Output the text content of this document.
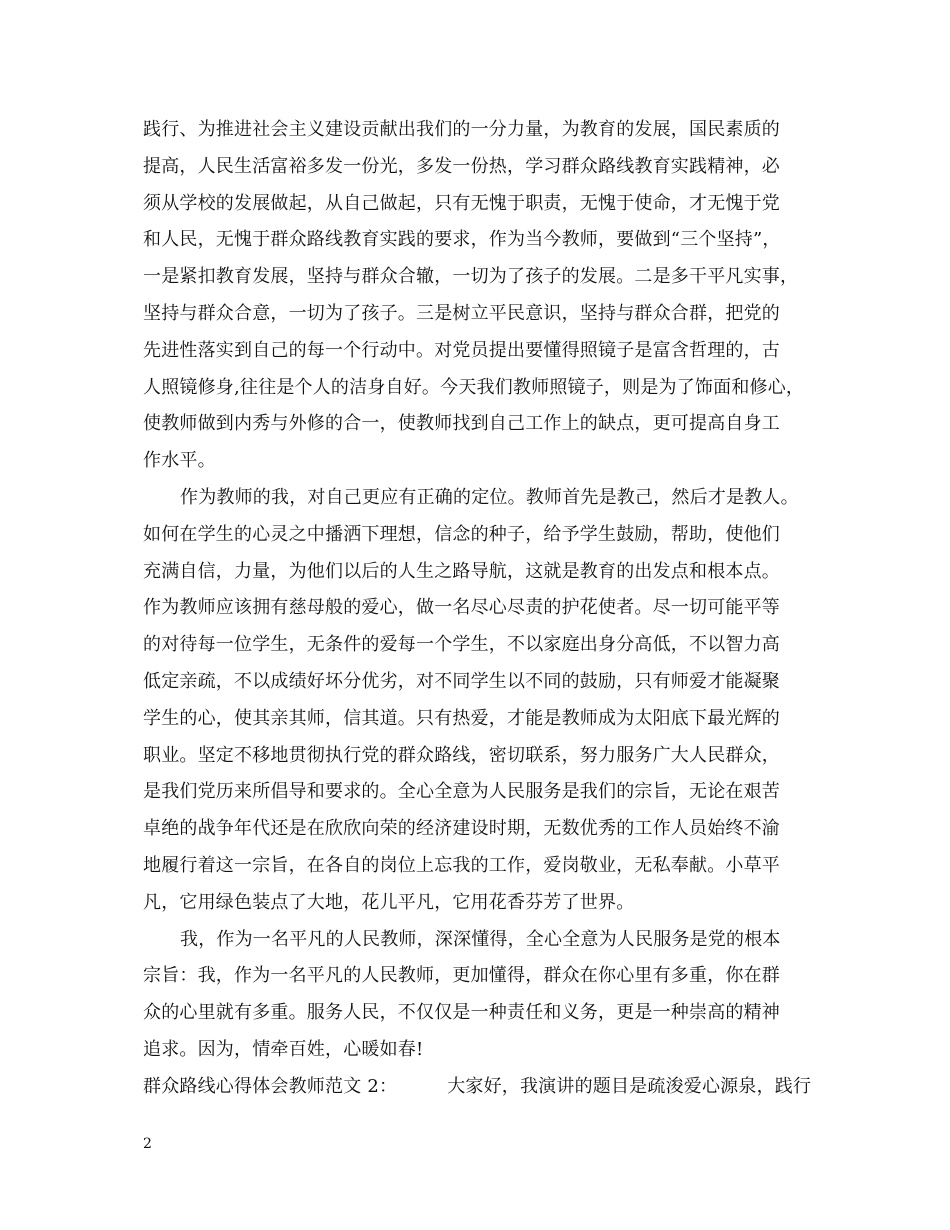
践行、为推进社会主义建设贡献出我们的一分力量，为教育的发展，国民素质的
提高，人民生活富裕多发一份光，多发一份热，学习群众路线教育实践精神，必
须从学校的发展做起，从自己做起，只有无愧于职责，无愧于使命，才无愧于党
和人民，无愧于群众路线教育实践的要求，作为当今教师，要做到“三个坚持”，
一是紧扣教育发展，坚持与群众合辙，一切为了孩子的发展。二是多干平凡实事，
坚持与群众合意，一切为了孩子。三是树立平民意识，坚持与群众合群，把党的
先进性落实到自己的每一个行动中。对党员提出要懂得照镜子是富含哲理的，古
人照镜修身,往往是个人的洁身自好。今天我们教师照镜子，则是为了饰面和修心，
使教师做到内秀与外修的合一，使教师找到自己工作上的缺点，更可提高自身工
作水平。
作为教师的我，对自己更应有正确的定位。教师首先是教己，然后才是教人。
如何在学生的心灵之中播洒下理想，信念的种子，给予学生鼓励，帮助，使他们
充满自信，力量，为他们以后的人生之路导航，这就是教育的出发点和根本点。
作为教师应该拥有慈母般的爱心，做一名尽心尽责的护花使者。尽一切可能平等
的对待每一位学生，无条件的爱每一个学生，不以家庭出身分高低，不以智力高
低定亲疏，不以成绩好坏分优劣，对不同学生以不同的鼓励，只有师爱才能凝聚
学生的心，使其亲其师，信其道。只有热爱，才能是教师成为太阳底下最光辉的
职业。坚定不移地贯彻执行党的群众路线，密切联系，努力服务广大人民群众，
是我们党历来所倡导和要求的。全心全意为人民服务是我们的宗旨，无论在艰苦
卓绝的战争年代还是在欣欣向荣的经济建设时期，无数优秀的工作人员始终不渝
地履行着这一宗旨，在各自的岗位上忘我的工作，爱岗敬业，无私奉献。小草平
凡，它用绿色装点了大地，花儿平凡，它用花香芬芳了世界。
我，作为一名平凡的人民教师，深深懂得，全心全意为人民服务是党的根本
宗旨：我，作为一名平凡的人民教师，更加懂得，群众在你心里有多重，你在群
众的心里就有多重。服务人民，不仅仅是一种责任和义务，更是一种崇高的精神
追求。因为，情牵百姓，心暖如春!
群众路线心得体会教师范文 2：	大家好，我演讲的题目是疏浚爱心源泉，践行
2
